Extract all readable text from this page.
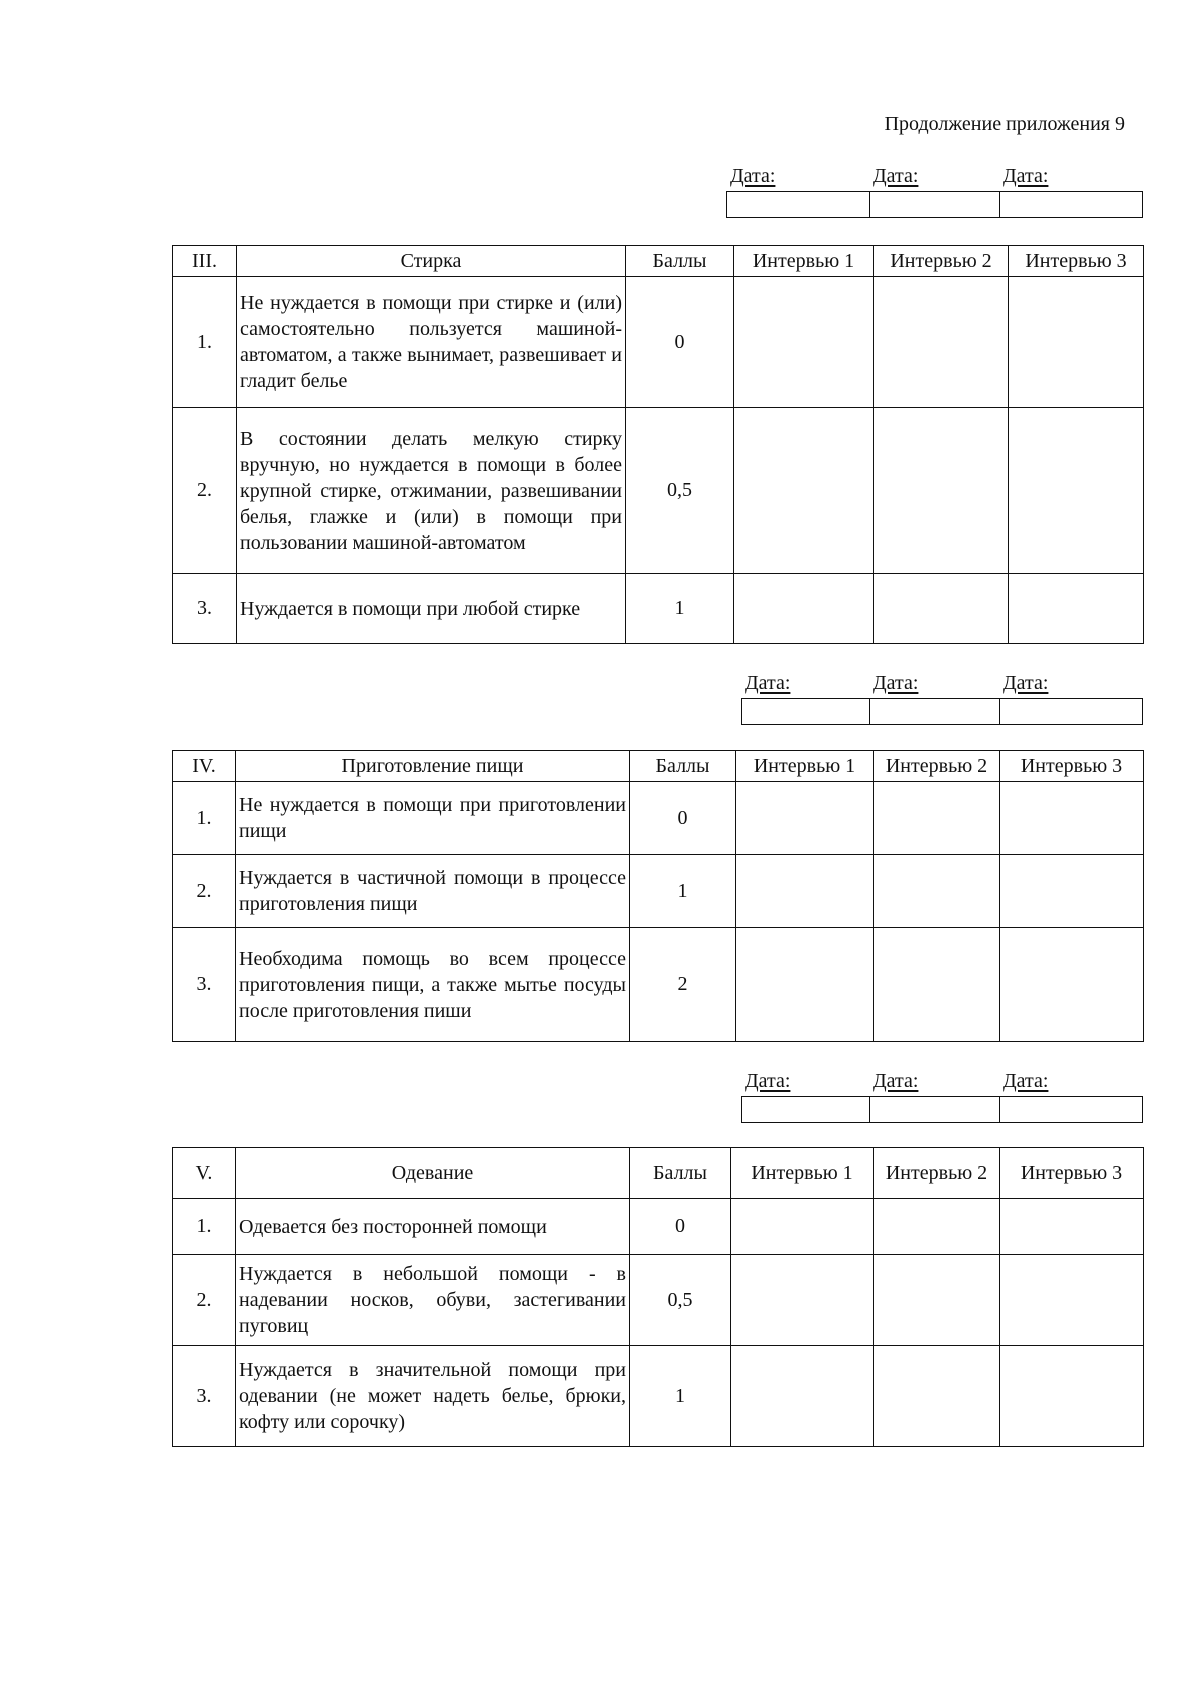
Продолжение приложения 9
Дата:	Дата:	Дата:
III.	Стирка	Баллы	Интервью 1	Интервью 2	Интервью 3
1.	Не нуждается в помощи при стирке и (или) самостоятельно пользуется машиной-автоматом, а также вынимает, развешивает и гладит белье	0			
2.	В состоянии делать мелкую стирку вручную, но нуждается в помощи в более крупной стирке, отжимании, развешивании белья, глажке и (или) в помощи при пользовании машиной-автоматом	0,5			
3.	Нуждается в помощи при любой стирке	1			
Дата:	Дата:	Дата:
IV.	Приготовление пищи	Баллы	Интервью 1	Интервью 2	Интервью 3
1.	Не нуждается в помощи при приготовлении пищи	0			
2.	Нуждается в частичной помощи в процессе приготовления пищи	1			
3.	Необходима помощь во всем процессе приготовления пищи, а также мытье посуды после приготовления пиши	2			
Дата:	Дата:	Дата:
V.	Одевание	Баллы	Интервью 1	Интервью 2	Интервью 3
1.	Одевается без посторонней помощи	0			
2.	Нуждается в небольшой помощи - в надевании носков, обуви, застегивании пуговиц	0,5			
3.	Нуждается в значительной помощи при одевании (не может надеть белье, брюки, кофту или сорочку)	1			
